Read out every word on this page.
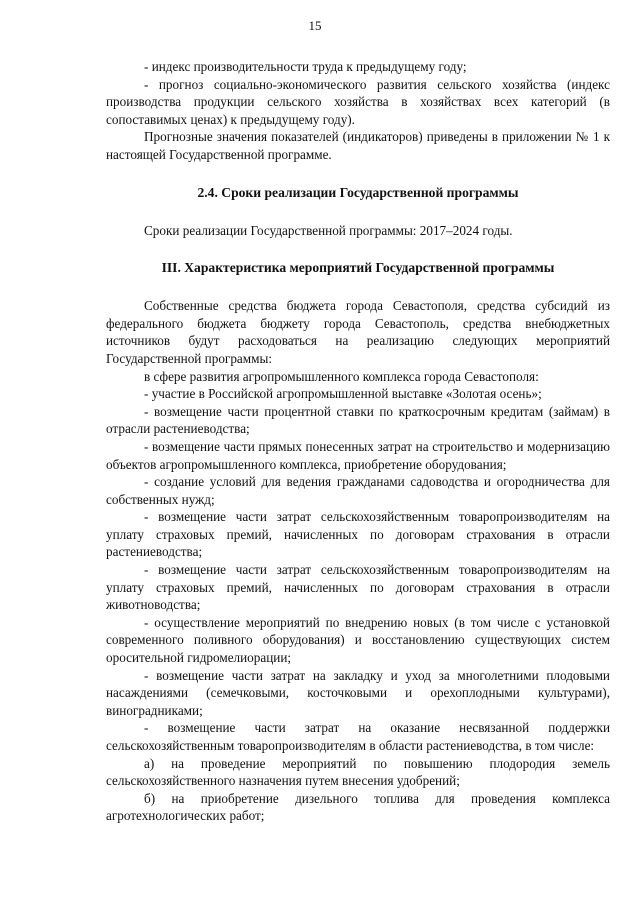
15

- индекс производительности труда к предыдущему году;

- прогноз социально-экономического развития сельского хозяйства (индекс производства продукции сельского хозяйства в хозяйствах всех категорий (в сопоставимых ценах) к предыдущему году).

Прогнозные значения показателей (индикаторов) приведены в приложении № 1 к настоящей Государственной программе.

2.4. Сроки реализации Государственной программы

Сроки реализации Государственной программы: 2017–2024 годы.

III. Характеристика мероприятий Государственной программы

Собственные средства бюджета города Севастополя, средства субсидий из федерального бюджета бюджету города Севастополь, средства внебюджетных источников будут расходоваться на реализацию следующих мероприятий Государственной программы:

в сфере развития агропромышленного комплекса города Севастополя:

- участие в Российской агропромышленной выставке «Золотая осень»;

- возмещение части процентной ставки по краткосрочным кредитам (займам) в отрасли растениеводства;

- возмещение части прямых понесенных затрат на строительство и модернизацию объектов агропромышленного комплекса, приобретение оборудования;

- создание условий для ведения гражданами садоводства и огородничества для собственных нужд;

- возмещение части затрат сельскохозяйственным товаропроизводителям на уплату страховых премий, начисленных по договорам страхования в отрасли растениеводства;

- возмещение части затрат сельскохозяйственным товаропроизводителям на уплату страховых премий, начисленных по договорам страхования в отрасли животноводства;

- осуществление мероприятий по внедрению новых (в том числе с установкой современного поливного оборудования) и восстановлению существующих систем оросительной гидромелиорации;

- возмещение части затрат на закладку и уход за многолетними плодовыми насаждениями (семечковыми, косточковыми и орехоплодными культурами), виноградниками;

- возмещение части затрат на оказание несвязанной поддержки сельскохозяйственным товаропроизводителям в области растениеводства, в том числе:

а) на проведение мероприятий по повышению плодородия земель сельскохозяйственного назначения путем внесения удобрений;

б) на приобретение дизельного топлива для проведения комплекса агротехнологических работ;
